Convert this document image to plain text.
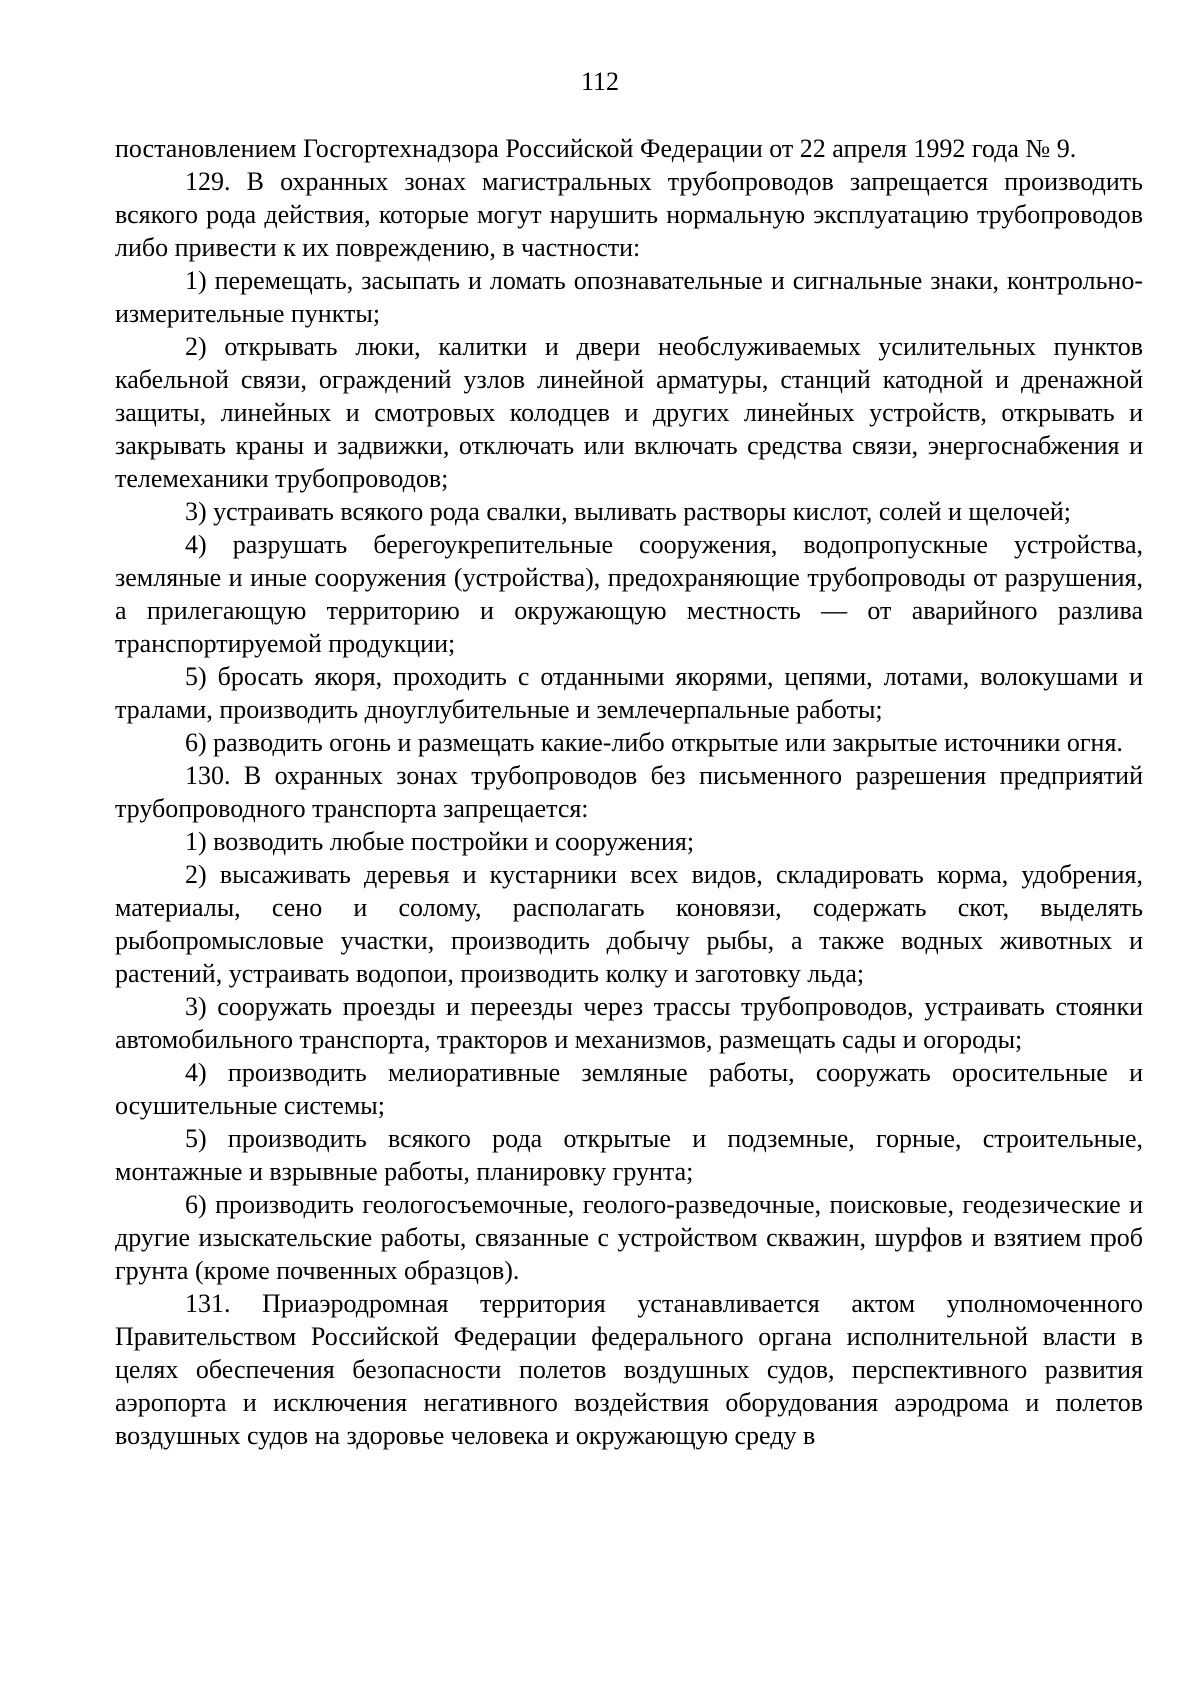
112

постановлением Госгортехнадзора Российской Федерации от 22 апреля 1992 года № 9.

129. В охранных зонах магистральных трубопроводов запрещается производить всякого рода действия, которые могут нарушить нормальную эксплуатацию трубопроводов либо привести к их повреждению, в частности:

1) перемещать, засыпать и ломать опознавательные и сигнальные знаки, контрольно-измерительные пункты;

2) открывать люки, калитки и двери необслуживаемых усилительных пунктов кабельной связи, ограждений узлов линейной арматуры, станций катодной и дренажной защиты, линейных и смотровых колодцев и других линейных устройств, открывать и закрывать краны и задвижки, отключать или включать средства связи, энергоснабжения и телемеханики трубопроводов;

3) устраивать всякого рода свалки, выливать растворы кислот, солей и щелочей;

4) разрушать берегоукрепительные сооружения, водопропускные устройства, земляные и иные сооружения (устройства), предохраняющие трубопроводы от разрушения, а прилегающую территорию и окружающую местность — от аварийного разлива транспортируемой продукции;

5) бросать якоря, проходить с отданными якорями, цепями, лотами, волокушами и тралами, производить дноуглубительные и землечерпальные работы;

6) разводить огонь и размещать какие-либо открытые или закрытые источники огня.

130. В охранных зонах трубопроводов без письменного разрешения предприятий трубопроводного транспорта запрещается:

1) возводить любые постройки и сооружения;

2) высаживать деревья и кустарники всех видов, складировать корма, удобрения, материалы, сено и солому, располагать коновязи, содержать скот, выделять рыбопромысловые участки, производить добычу рыбы, а также водных животных и растений, устраивать водопои, производить колку и заготовку льда;

3) сооружать проезды и переезды через трассы трубопроводов, устраивать стоянки автомобильного транспорта, тракторов и механизмов, размещать сады и огороды;

4) производить мелиоративные земляные работы, сооружать оросительные и осушительные системы;

5) производить всякого рода открытые и подземные, горные, строительные, монтажные и взрывные работы, планировку грунта;

6) производить геологосъемочные, геолого-разведочные, поисковые, геодезические и другие изыскательские работы, связанные с устройством скважин, шурфов и взятием проб грунта (кроме почвенных образцов).

131. Приаэродромная территория устанавливается актом уполномоченного Правительством Российской Федерации федерального органа исполнительной власти в целях обеспечения безопасности полетов воздушных судов, перспективного развития аэропорта и исключения негативного воздействия оборудования аэродрома и полетов воздушных судов на здоровье человека и окружающую среду в
